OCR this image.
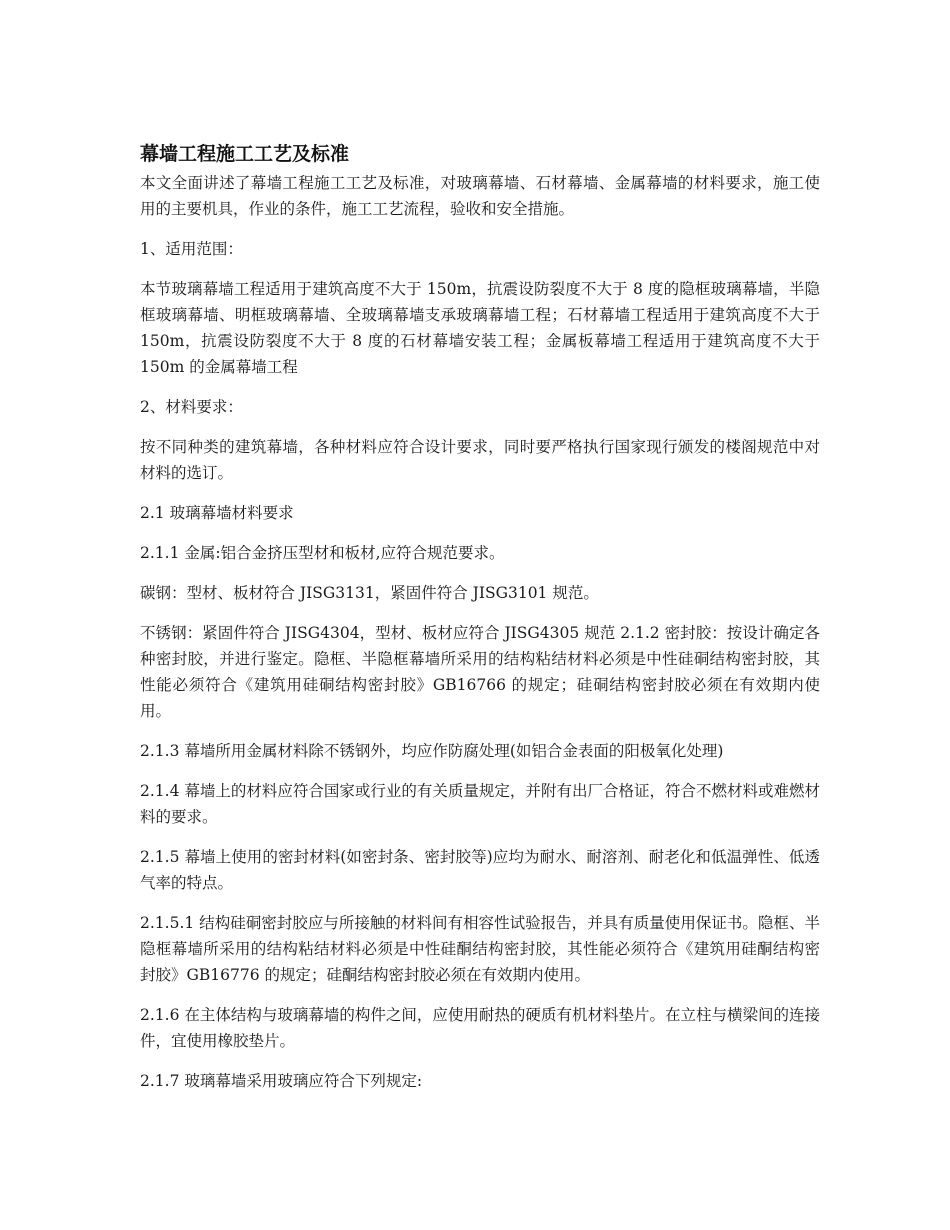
幕墙工程施工工艺及标准

本文全面讲述了幕墙工程施工工艺及标准，对玻璃幕墙、石材幕墙、金属幕墙的材料要求，施工使用的主要机具，作业的条件，施工工艺流程，验收和安全措施。

1、适用范围：

本节玻璃幕墙工程适用于建筑高度不大于 150m，抗震设防裂度不大于 8 度的隐框玻璃幕墙，半隐框玻璃幕墙、明框玻璃幕墙、全玻璃幕墙支承玻璃幕墙工程；石材幕墙工程适用于建筑高度不大于 150m，抗震设防裂度不大于 8 度的石材幕墙安装工程；金属板幕墙工程适用于建筑高度不大于 150m 的金属幕墙工程

2、材料要求：

按不同种类的建筑幕墙，各种材料应符合设计要求，同时要严格执行国家现行颁发的楼阁规范中对材料的选订。

2.1 玻璃幕墙材料要求

2.1.1 金属:铝合金挤压型材和板材,应符合规范要求。

碳钢：型材、板材符合 JISG3131，紧固件符合 JISG3101 规范。

不锈钢：紧固件符合 JISG4304，型材、板材应符合 JISG4305 规范 2.1.2 密封胶：按设计确定各种密封胶，并进行鉴定。隐框、半隐框幕墙所采用的结构粘结材料必须是中性硅硐结构密封胶，其性能必须符合《建筑用硅硐结构密封胶》GB16766 的规定；硅硐结构密封胶必须在有效期内使用。

2.1.3 幕墙所用金属材料除不锈钢外，均应作防腐处理(如铝合金表面的阳极氧化处理)

2.1.4 幕墙上的材料应符合国家或行业的有关质量规定，并附有出厂合格证，符合不燃材料或难燃材料的要求。

2.1.5 幕墙上使用的密封材料(如密封条、密封胶等)应均为耐水、耐溶剂、耐老化和低温弹性、低透气率的特点。

2.1.5.1 结构硅硐密封胶应与所接触的材料间有相容性试验报告，并具有质量使用保证书。隐框、半隐框幕墙所采用的结构粘结材料必须是中性硅酮结构密封胶，其性能必须符合《建筑用硅酮结构密封胶》GB16776 的规定；硅酮结构密封胶必须在有效期内使用。

2.1.6 在主体结构与玻璃幕墙的构件之间，应使用耐热的硬质有机材料垫片。在立柱与横梁间的连接件，宜使用橡胶垫片。

2.1.7 玻璃幕墙采用玻璃应符合下列规定:
